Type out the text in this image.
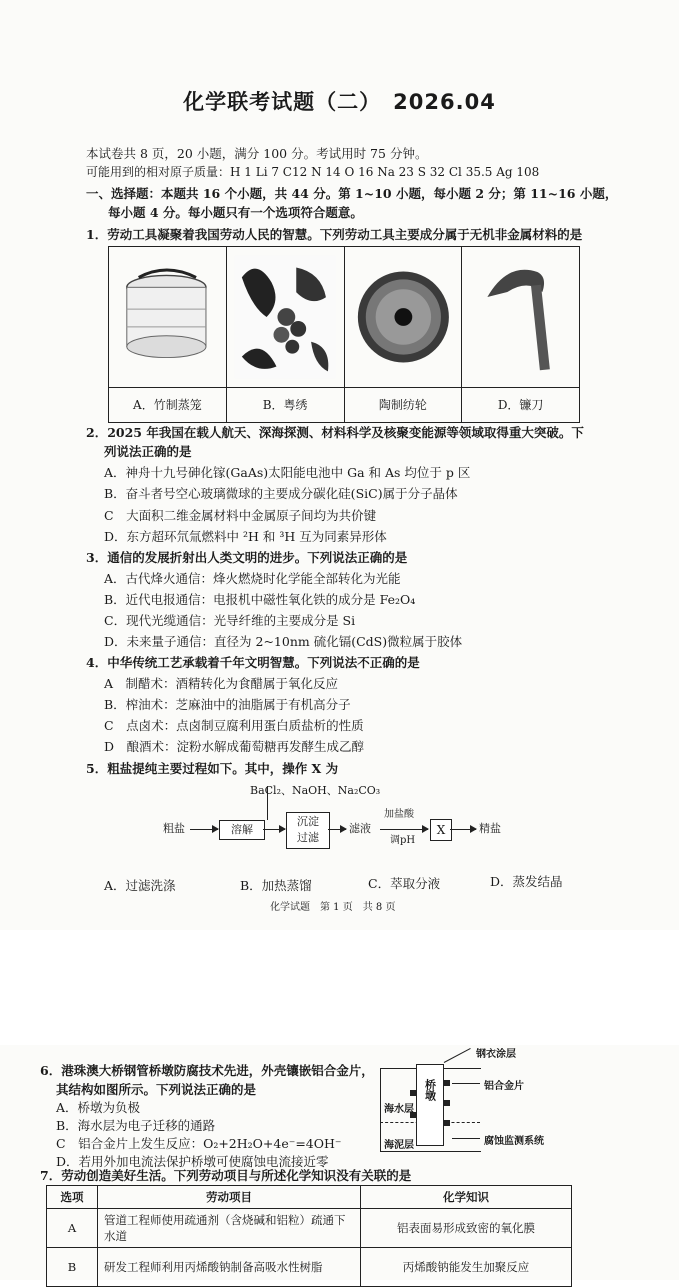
化学联考试题（二） 2026.04
本试卷共 8 页，20 小题，满分 100 分。考试用时 75 分钟。
可能用到的相对原子质量：H 1 Li 7 C12 N 14 O 16 Na 23 S 32 Cl 35.5 Ag 108
一、选择题：本题共 16 个小题，共 44 分。第 1~10 小题，每小题 2 分；第 11~16 小题，
每小题 4 分。每小题只有一个选项符合题意。
1．劳动工具凝聚着我国劳动人民的智慧。下列劳动工具主要成分属于无机非金属材料的是
A．竹制蒸笼	B．粤绣	陶制纺轮	D．镰刀
2．2025 年我国在载人航天、深海探测、材料科学及核聚变能源等领域取得重大突破。下
列说法正确的是
A．神舟十九号砷化镓(GaAs)太阳能电池中 Ga 和 As 均位于 p 区
B．奋斗者号空心玻璃微球的主要成分碳化硅(SiC)属于分子晶体
C　大面积二维金属材料中金属原子间均为共价键
D．东方超环氘氚燃料中 ²H 和 ³H 互为同素异形体
3．通信的发展折射出人类文明的进步。下列说法正确的是
A．古代烽火通信：烽火燃烧时化学能全部转化为光能
B．近代电报通信：电报机中磁性氧化铁的成分是 Fe₂O₄
C．现代光缆通信：光导纤维的主要成分是 Si
D．未来量子通信：直径为 2~10nm 硫化镉(CdS)微粒属于胶体
4．中华传统工艺承载着千年文明智慧。下列说法不正确的是
A　制醋术：酒精转化为食醋属于氧化反应
B．榨油术：芝麻油中的油脂属于有机高分子
C　点卤术：点卤制豆腐利用蛋白质盐析的性质
D　酿酒术：淀粉水解成葡萄糖再发酵生成乙醇
5．粗盐提纯主要过程如下。其中，操作 X 为
BaCl₂、NaOH、Na₂CO₃
粗盐	溶解
沉淀
过滤
滤液
加盐酸
调pH
X	精盐
A．过滤洗涤	B．加热蒸馏	C．萃取分液	D．蒸发结晶
化学试题　第 1 页　共 8 页
6．港珠澳大桥钢管桥墩防腐技术先进，外壳镶嵌铝合金片，
其结构如图所示。下列说法正确的是
A．桥墩为负极
B．海水层为电子迁移的通路
C　铝合金片上发生反应：O₂+2H₂O+4e⁻=4OH⁻
D．若用外加电流法保护桥墩可使腐蚀电流接近零
桥墩
钢衣涂层
铝合金片
腐蚀监测系统
海水层
海泥层
7．劳动创造美好生活。下列劳动项目与所述化学知识没有关联的是
选项	劳动项目	化学知识
A	管道工程师使用疏通剂（含烧碱和铝粒）疏通下水道	铝表面易形成致密的氧化膜
B	研发工程师利用丙烯酸钠制备高吸水性树脂	丙烯酸钠能发生加聚反应
